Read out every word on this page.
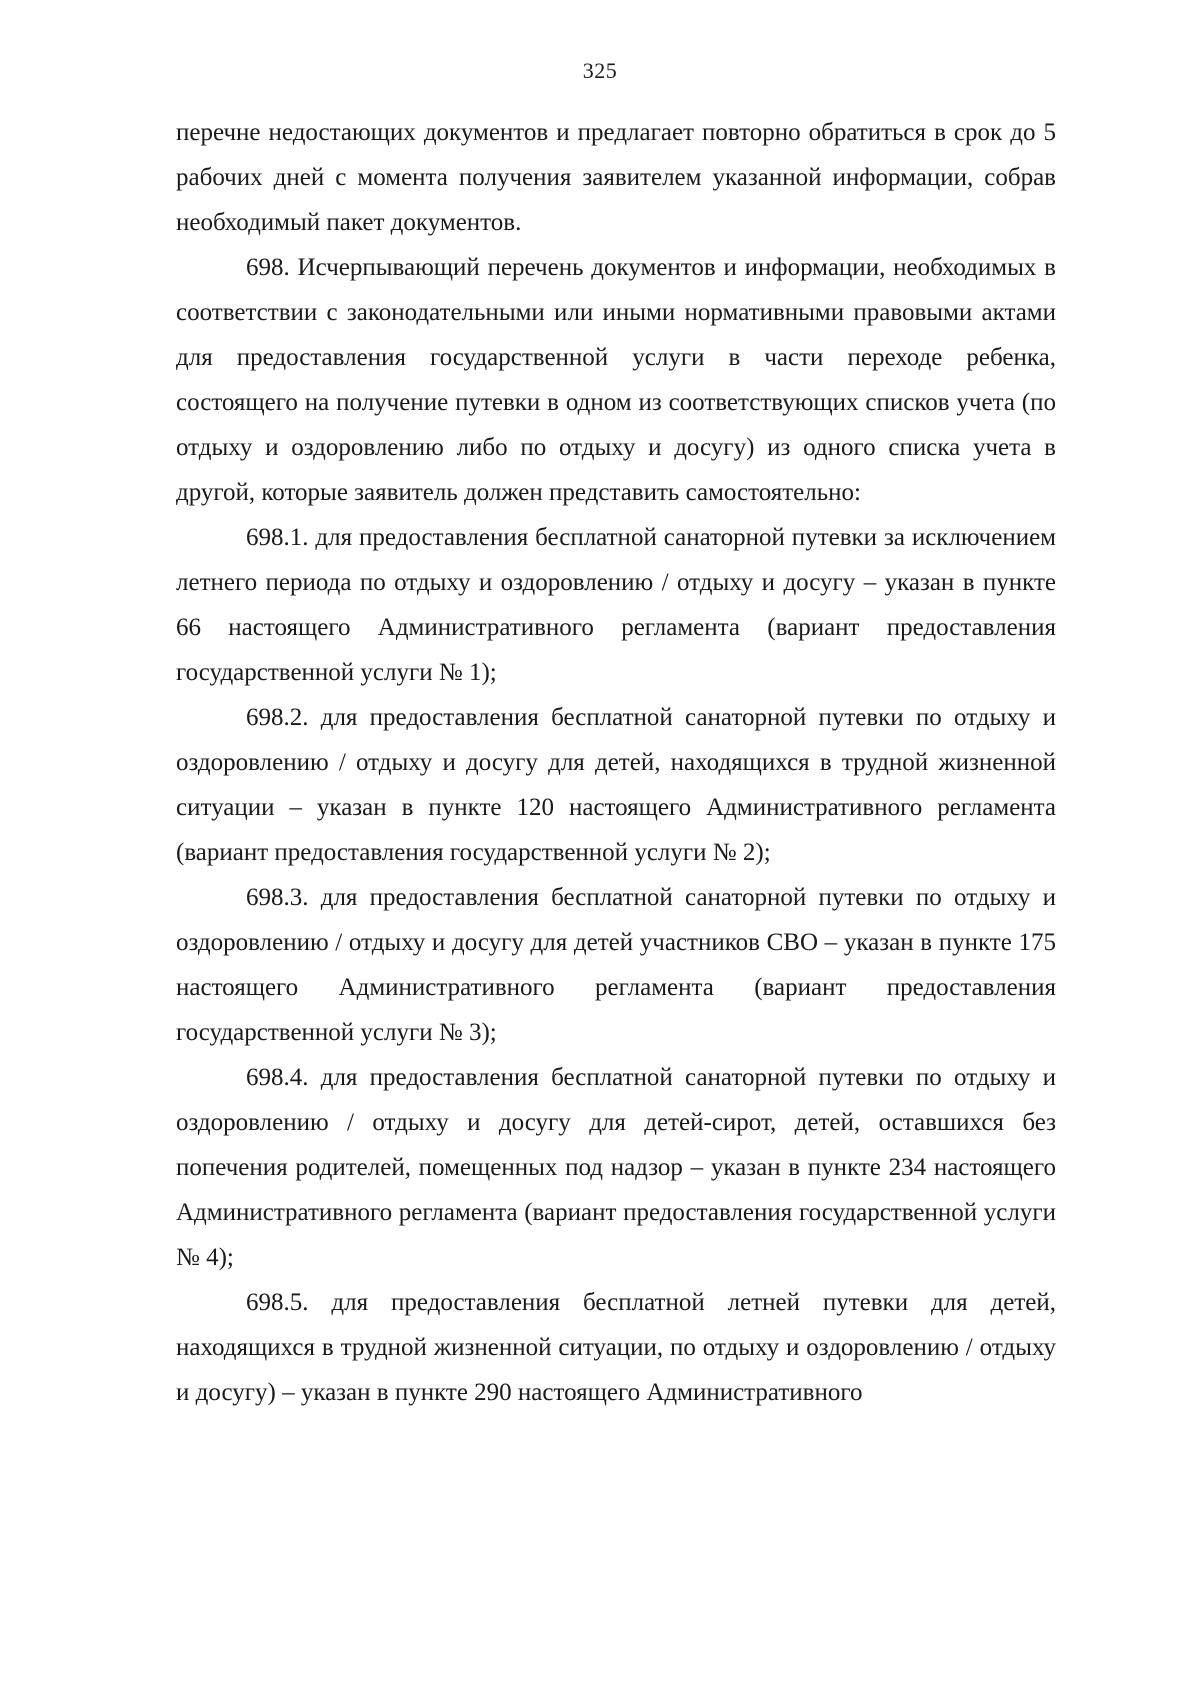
325

перечне недостающих документов и предлагает повторно обратиться в срок до 5 рабочих дней с момента получения заявителем указанной информации, собрав необходимый пакет документов.

698. Исчерпывающий перечень документов и информации, необходимых в соответствии с законодательными или иными нормативными правовыми актами для предоставления государственной услуги в части переходе ребенка, состоящего на получение путевки в одном из соответствующих списков учета (по отдыху и оздоровлению либо по отдыху и досугу) из одного списка учета в другой, которые заявитель должен представить самостоятельно:

698.1. для предоставления бесплатной санаторной путевки за исключением летнего периода по отдыху и оздоровлению / отдыху и досугу – указан в пункте 66 настоящего Административного регламента (вариант предоставления государственной услуги № 1);

698.2. для предоставления бесплатной санаторной путевки по отдыху и оздоровлению / отдыху и досугу для детей, находящихся в трудной жизненной ситуации – указан в пункте 120 настоящего Административного регламента (вариант предоставления государственной услуги № 2);

698.3. для предоставления бесплатной санаторной путевки по отдыху и оздоровлению / отдыху и досугу для детей участников СВО – указан в пункте 175 настоящего Административного регламента (вариант предоставления государственной услуги № 3);

698.4. для предоставления бесплатной санаторной путевки по отдыху и оздоровлению / отдыху и досугу для детей-сирот, детей, оставшихся без попечения родителей, помещенных под надзор – указан в пункте 234 настоящего Административного регламента (вариант предоставления государственной услуги № 4);

698.5. для предоставления бесплатной летней путевки для детей, находящихся в трудной жизненной ситуации, по отдыху и оздоровлению / отдыху и досугу) – указан в пункте 290 настоящего Административного
